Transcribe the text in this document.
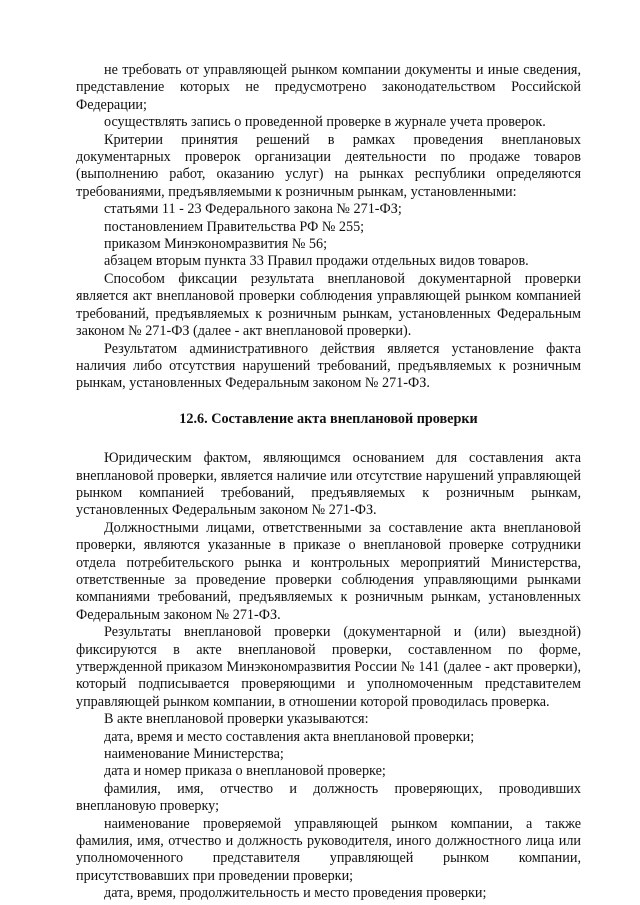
не требовать от управляющей рынком компании документы и иные сведения, представление которых не предусмотрено законодательством Российской Федерации;

осуществлять запись о проведенной проверке в журнале учета проверок.

Критерии принятия решений в рамках проведения внеплановых документарных проверок организации деятельности по продаже товаров (выполнению работ, оказанию услуг) на рынках республики определяются требованиями, предъявляемыми к розничным рынкам, установленными:

статьями 11 - 23 Федерального закона № 271-ФЗ;

постановлением Правительства РФ № 255;

приказом Минэкономразвития № 56;

абзацем вторым пункта 33 Правил продажи отдельных видов товаров.

Способом фиксации результата внеплановой документарной проверки является акт внеплановой проверки соблюдения управляющей рынком компанией требований, предъявляемых к розничным рынкам, установленных Федеральным законом № 271-ФЗ (далее - акт внеплановой проверки).

Результатом административного действия является установление факта наличия либо отсутствия нарушений требований, предъявляемых к розничным рынкам, установленных Федеральным законом № 271-ФЗ.

12.6. Составление акта внеплановой проверки

Юридическим фактом, являющимся основанием для составления акта внеплановой проверки, является наличие или отсутствие нарушений управляющей рынком компанией требований, предъявляемых к розничным рынкам, установленных Федеральным законом № 271-ФЗ.

Должностными лицами, ответственными за составление акта внеплановой проверки, являются указанные в приказе о внеплановой проверке сотрудники отдела потребительского рынка и контрольных мероприятий Министерства, ответственные за проведение проверки соблюдения управляющими рынками компаниями требований, предъявляемых к розничным рынкам, установленных Федеральным законом № 271-ФЗ.

Результаты внеплановой проверки (документарной и (или) выездной) фиксируются в акте внеплановой проверки, составленном по форме, утвержденной приказом Минэкономразвития России № 141 (далее - акт проверки), который подписывается проверяющими и уполномоченным представителем управляющей рынком компании, в отношении которой проводилась проверка.

В акте внеплановой проверки указываются:

дата, время и место составления акта внеплановой проверки;

наименование Министерства;

дата и номер приказа о внеплановой проверке;

фамилия, имя, отчество и должность проверяющих, проводивших внеплановую проверку;

наименование проверяемой управляющей рынком компании, а также фамилия, имя, отчество и должность руководителя, иного должностного лица или уполномоченного представителя управляющей рынком компании, присутствовавших при проведении проверки;

дата, время, продолжительность и место проведения проверки;
